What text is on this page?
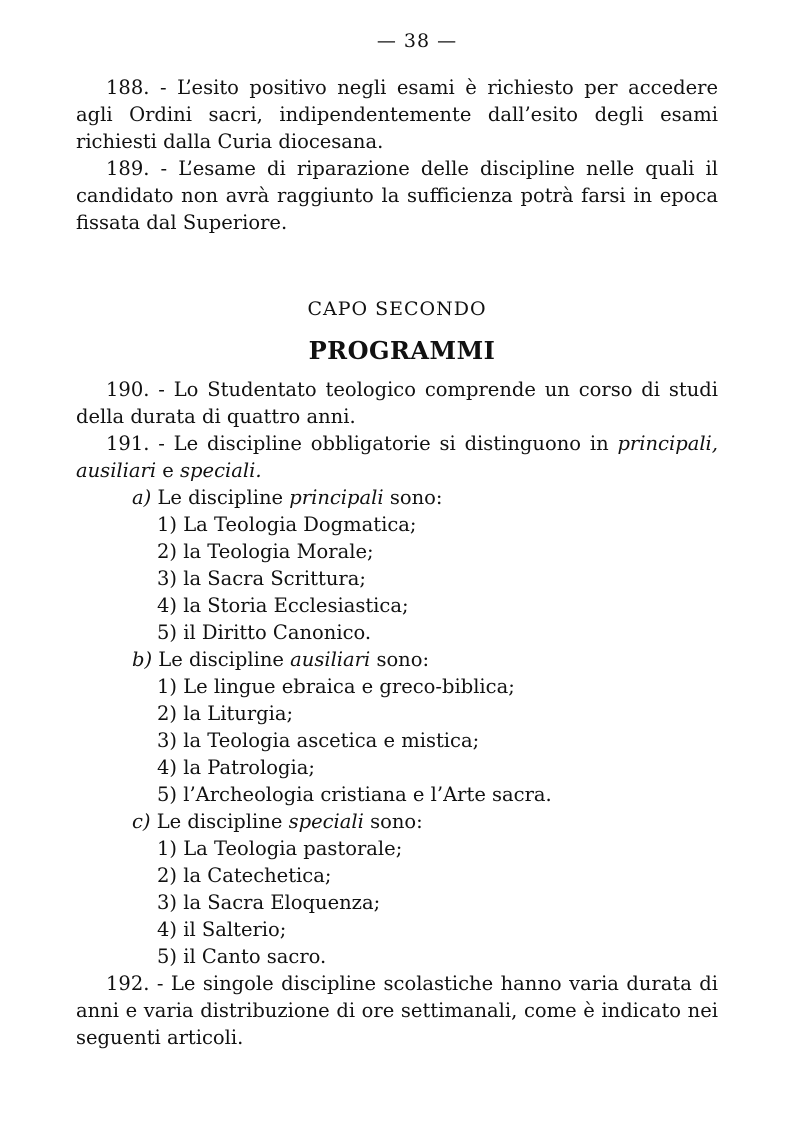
— 38 —

188. - L’esito positivo negli esami è richiesto per accedere agli Ordini sacri, indipendentemente dall’esito degli esami richiesti dalla Curia diocesana.

189. - L’esame di riparazione delle discipline nelle quali il candidato non avrà raggiunto la sufficienza potrà farsi in epoca fissata dal Superiore.

CAPO SECONDO
PROGRAMMI

190. - Lo Studentato teologico comprende un corso di studi della durata di quattro anni.

191. - Le discipline obbligatorie si distinguono in principali, ausiliari e speciali.

a) Le discipline principali sono:

1) La Teologia Dogmatica;

2) la Teologia Morale;

3) la Sacra Scrittura;

4) la Storia Ecclesiastica;

5) il Diritto Canonico.

b) Le discipline ausiliari sono:

1) Le lingue ebraica e greco-biblica;

2) la Liturgia;

3) la Teologia ascetica e mistica;

4) la Patrologia;

5) l’Archeologia cristiana e l’Arte sacra.

c) Le discipline speciali sono:

1) La Teologia pastorale;

2) la Catechetica;

3) la Sacra Eloquenza;

4) il Salterio;

5) il Canto sacro.

192. - Le singole discipline scolastiche hanno varia durata di anni e varia distribuzione di ore settimanali, come è indicato nei seguenti articoli.
